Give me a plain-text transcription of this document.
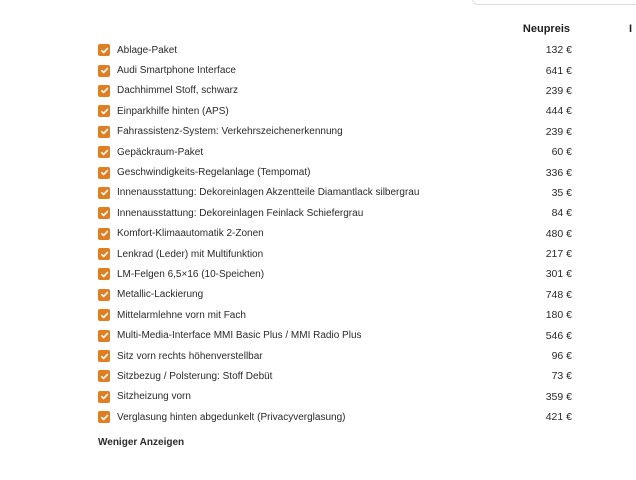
Neupreis	I
Ablage-Paket	132 €
Audi Smartphone Interface	641 €
Dachhimmel Stoff, schwarz	239 €
Einparkhilfe hinten (APS)	444 €
Fahrassistenz-System: Verkehrszeichenerkennung	239 €
Gepäckraum-Paket	60 €
Geschwindigkeits-Regelanlage (Tempomat)	336 €
Innenausstattung: Dekoreinlagen Akzentteile Diamantlack silbergrau	35 €
Innenausstattung: Dekoreinlagen Feinlack Schiefergrau	84 €
Komfort-Klimaautomatik 2-Zonen	480 €
Lenkrad (Leder) mit Multifunktion	217 €
LM-Felgen 6,5×16 (10-Speichen)	301 €
Metallic-Lackierung	748 €
Mittelarmlehne vorn mit Fach	180 €
Multi-Media-Interface MMI Basic Plus / MMI Radio Plus	546 €
Sitz vorn rechts höhenverstellbar	96 €
Sitzbezug / Polsterung: Stoff Debüt	73 €
Sitzheizung vorn	359 €
Verglasung hinten abgedunkelt (Privacyverglasung)	421 €
Weniger Anzeigen
